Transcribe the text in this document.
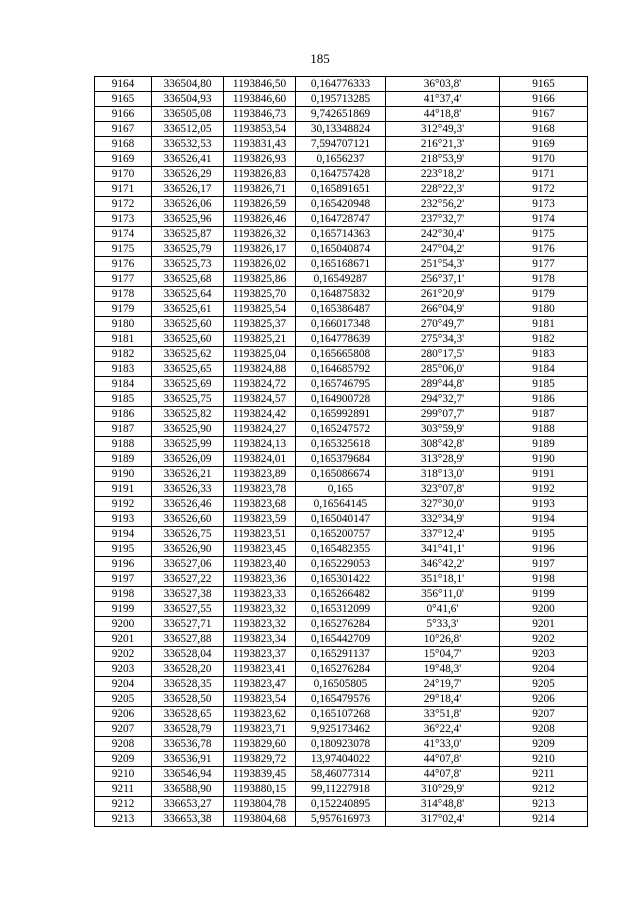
185
9164	336504,80	1193846,50	0,164776333	36°03,8'	9165
9165	336504,93	1193846,60	0,195713285	41°37,4'	9166
9166	336505,08	1193846,73	9,742651869	44°18,8'	9167
9167	336512,05	1193853,54	30,13348824	312°49,3'	9168
9168	336532,53	1193831,43	7,594707121	216°21,3'	9169
9169	336526,41	1193826,93	0,1656237	218°53,9'	9170
9170	336526,29	1193826,83	0,164757428	223°18,2'	9171
9171	336526,17	1193826,71	0,165891651	228°22,3'	9172
9172	336526,06	1193826,59	0,165420948	232°56,2'	9173
9173	336525,96	1193826,46	0,164728747	237°32,7'	9174
9174	336525,87	1193826,32	0,165714363	242°30,4'	9175
9175	336525,79	1193826,17	0,165040874	247°04,2'	9176
9176	336525,73	1193826,02	0,165168671	251°54,3'	9177
9177	336525,68	1193825,86	0,16549287	256°37,1'	9178
9178	336525,64	1193825,70	0,164875832	261°20,9'	9179
9179	336525,61	1193825,54	0,165386487	266°04,9'	9180
9180	336525,60	1193825,37	0,166017348	270°49,7'	9181
9181	336525,60	1193825,21	0,164778639	275°34,3'	9182
9182	336525,62	1193825,04	0,165665808	280°17,5'	9183
9183	336525,65	1193824,88	0,164685792	285°06,0'	9184
9184	336525,69	1193824,72	0,165746795	289°44,8'	9185
9185	336525,75	1193824,57	0,164900728	294°32,7'	9186
9186	336525,82	1193824,42	0,165992891	299°07,7'	9187
9187	336525,90	1193824,27	0,165247572	303°59,9'	9188
9188	336525,99	1193824,13	0,165325618	308°42,8'	9189
9189	336526,09	1193824,01	0,165379684	313°28,9'	9190
9190	336526,21	1193823,89	0,165086674	318°13,0'	9191
9191	336526,33	1193823,78	0,165	323°07,8'	9192
9192	336526,46	1193823,68	0,16564145	327°30,0'	9193
9193	336526,60	1193823,59	0,165040147	332°34,9'	9194
9194	336526,75	1193823,51	0,165200757	337°12,4'	9195
9195	336526,90	1193823,45	0,165482355	341°41,1'	9196
9196	336527,06	1193823,40	0,165229053	346°42,2'	9197
9197	336527,22	1193823,36	0,165301422	351°18,1'	9198
9198	336527,38	1193823,33	0,165266482	356°11,0'	9199
9199	336527,55	1193823,32	0,165312099	0°41,6'	9200
9200	336527,71	1193823,32	0,165276284	5°33,3'	9201
9201	336527,88	1193823,34	0,165442709	10°26,8'	9202
9202	336528,04	1193823,37	0,165291137	15°04,7'	9203
9203	336528,20	1193823,41	0,165276284	19°48,3'	9204
9204	336528,35	1193823,47	0,16505805	24°19,7'	9205
9205	336528,50	1193823,54	0,165479576	29°18,4'	9206
9206	336528,65	1193823,62	0,165107268	33°51,8'	9207
9207	336528,79	1193823,71	9,925173462	36°22,4'	9208
9208	336536,78	1193829,60	0,180923078	41°33,0'	9209
9209	336536,91	1193829,72	13,97404022	44°07,8'	9210
9210	336546,94	1193839,45	58,46077314	44°07,8'	9211
9211	336588,90	1193880,15	99,11227918	310°29,9'	9212
9212	336653,27	1193804,78	0,152240895	314°48,8'	9213
9213	336653,38	1193804,68	5,957616973	317°02,4'	9214
